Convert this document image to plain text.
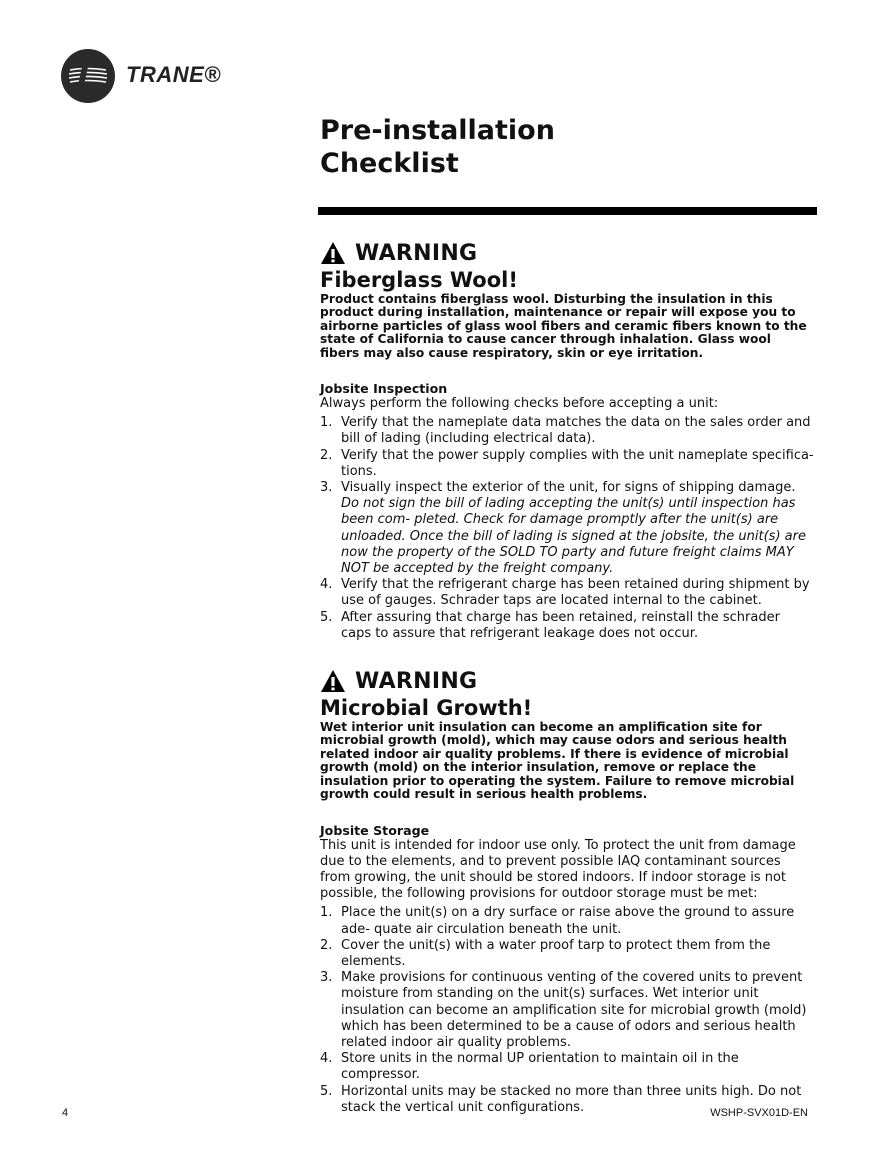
TRANE®
Pre-installation
Checklist
WARNING
Fiberglass Wool!

Product contains fiberglass wool. Disturbing the insulation in this product during installation, maintenance or repair will expose you to airborne particles of glass wool fibers and ceramic fibers known to the state of California to cause cancer through inhalation. Glass wool fibers may also cause respiratory, skin or eye irritation.

Jobsite Inspection

Always perform the following checks before accepting a unit:

1. Verify that the nameplate data matches the data on the sales order and bill of lading (including electrical data).
2. Verify that the power supply complies with the unit nameplate specifica- tions.
3. Visually inspect the exterior of the unit, for signs of shipping damage. Do not sign the bill of lading accepting the unit(s) until inspection has been com- pleted. Check for damage promptly after the unit(s) are unloaded. Once the bill of lading is signed at the jobsite, the unit(s) are now the property of the SOLD TO party and future freight claims MAY NOT be accepted by the freight company.
4. Verify that the refrigerant charge has been retained during shipment by use of gauges. Schrader taps are located internal to the cabinet.
5. After assuring that charge has been retained, reinstall the schrader caps to assure that refrigerant leakage does not occur.
WARNING
Microbial Growth!

Wet interior unit insulation can become an amplification site for microbial growth (mold), which may cause odors and serious health related indoor air quality problems. If there is evidence of microbial growth (mold) on the interior insulation, remove or replace the insulation prior to operating the system. Failure to remove microbial growth could result in serious health problems.

Jobsite Storage

This unit is intended for indoor use only. To protect the unit from damage due to the elements, and to prevent possible IAQ contaminant sources from growing, the unit should be stored indoors. If indoor storage is not possible, the following provisions for outdoor storage must be met:

1. Place the unit(s) on a dry surface or raise above the ground to assure ade- quate air circulation beneath the unit.
2. Cover the unit(s) with a water proof tarp to protect them from the elements.
3. Make provisions for continuous venting of the covered units to prevent moisture from standing on the unit(s) surfaces. Wet interior unit insulation can become an amplification site for microbial growth (mold) which has been determined to be a cause of odors and serious health related indoor air quality problems.
4. Store units in the normal UP orientation to maintain oil in the compressor.
5. Horizontal units may be stacked no more than three units high. Do not stack the vertical unit configurations.
4	WSHP-SVX01D-EN
